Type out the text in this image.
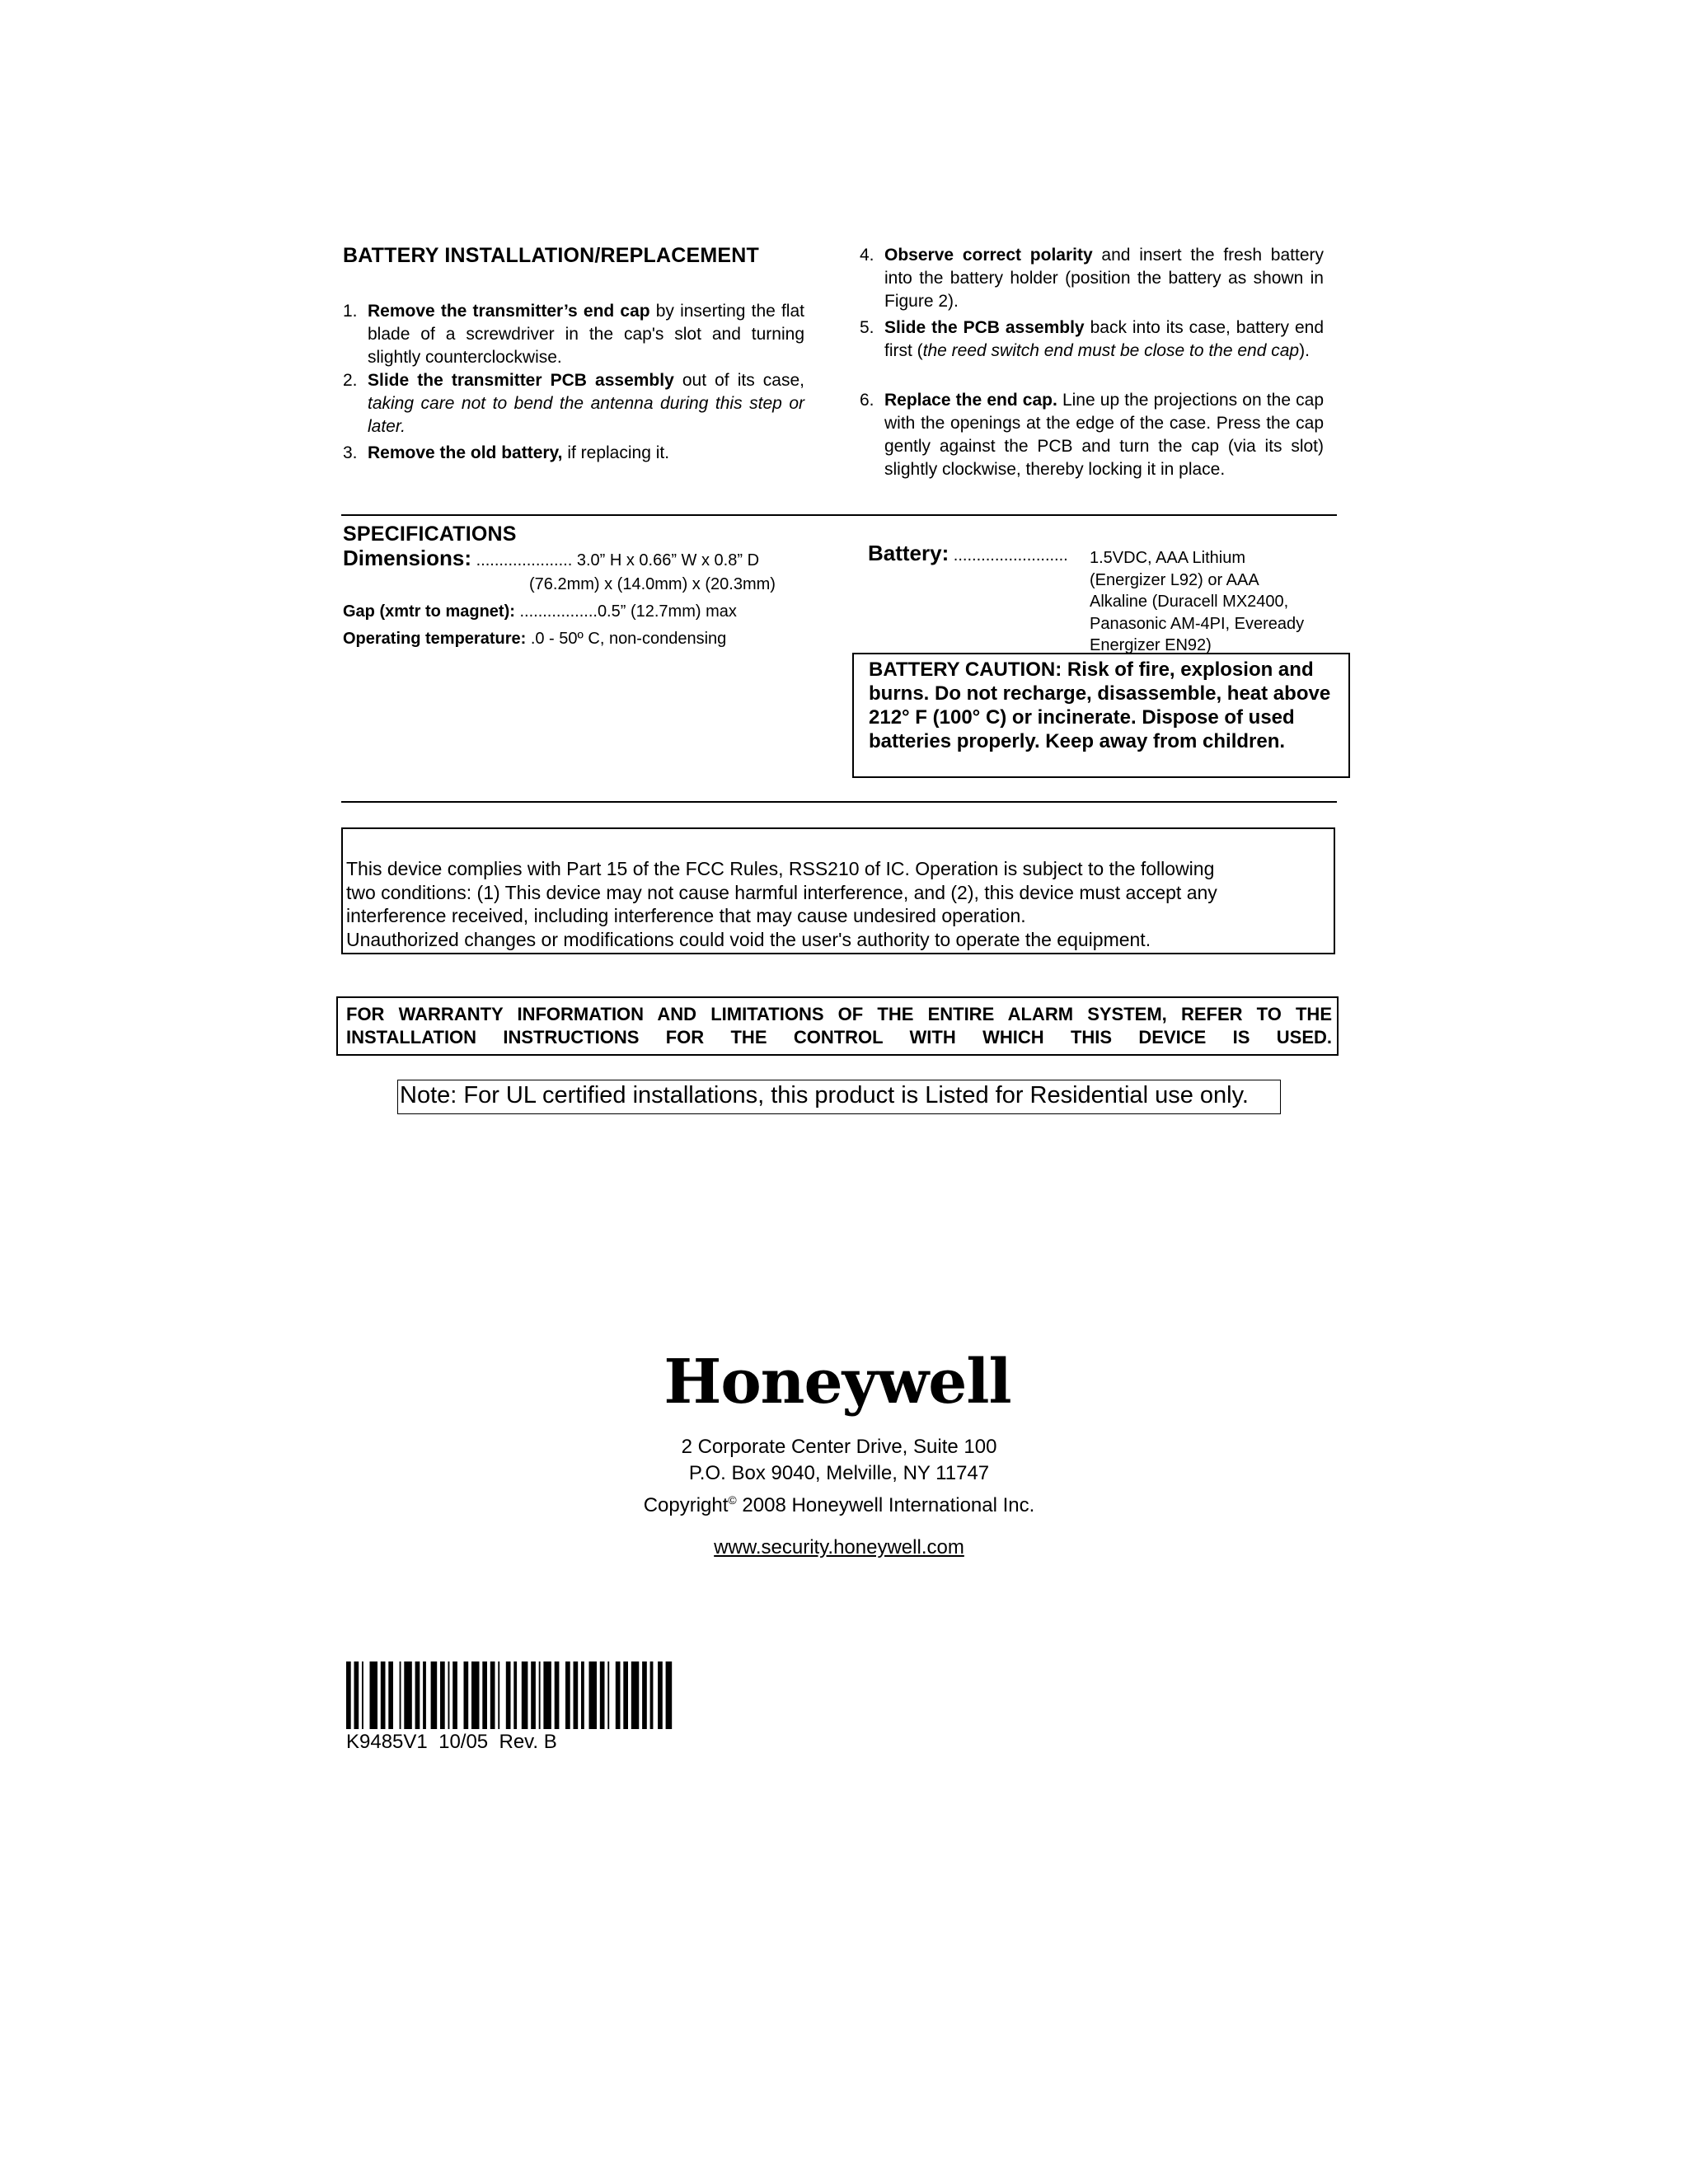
BATTERY INSTALLATION/REPLACEMENT
1. Remove the transmitter’s end cap by inserting the flat blade of a screwdriver in the cap's slot and turning slightly counterclockwise.
2. Slide the transmitter PCB assembly out of its case, taking care not to bend the antenna during this step or later.
3. Remove the old battery, if replacing it.
4. Observe correct polarity and insert the fresh battery into the battery holder (position the battery as shown in Figure 2).
5. Slide the PCB assembly back into its case, battery end first (the reed switch end must be close to the end cap).
6. Replace the end cap. Line up the projections on the cap with the openings at the edge of the case. Press the cap gently against the PCB and turn the cap (via its slot) slightly clockwise, thereby locking it in place.
SPECIFICATIONS
Dimensions: ..................... 3.0” H x 0.66” W x 0.8” D
(76.2mm) x (14.0mm) x (20.3mm)
Gap (xmtr to magnet): .................0.5” (12.7mm) max
Operating temperature: .0 - 50º C, non-condensing
Battery: ......................... 1.5VDC, AAA Lithium
(Energizer L92) or AAA
Alkaline (Duracell MX2400,
Panasonic AM-4PI, Eveready
Energizer EN92)
BATTERY CAUTION: Risk of fire, explosion and burns. Do not recharge, disassemble, heat above 212° F (100° C) or incinerate. Dispose of used batteries properly. Keep away from children.
This device complies with Part 15 of the FCC Rules, RSS210 of IC. Operation is subject to the following
two conditions: (1) This device may not cause harmful interference, and (2), this device must accept any
interference received, including interference that may cause undesired operation.
Unauthorized changes or modifications could void the user's authority to operate the equipment.
FOR WARRANTY INFORMATION AND LIMITATIONS OF THE ENTIRE ALARM SYSTEM, REFER TO THE INSTALLATION INSTRUCTIONS FOR THE CONTROL WITH WHICH THIS DEVICE IS USED.
Note: For UL certified installations, this product is Listed for Residential use only.
Honeywell
2 Corporate Center Drive, Suite 100
P.O. Box 9040, Melville, NY 11747
Copyright© 2008 Honeywell International Inc.
www.security.honeywell.com
K9485V1  10/05  Rev. B
